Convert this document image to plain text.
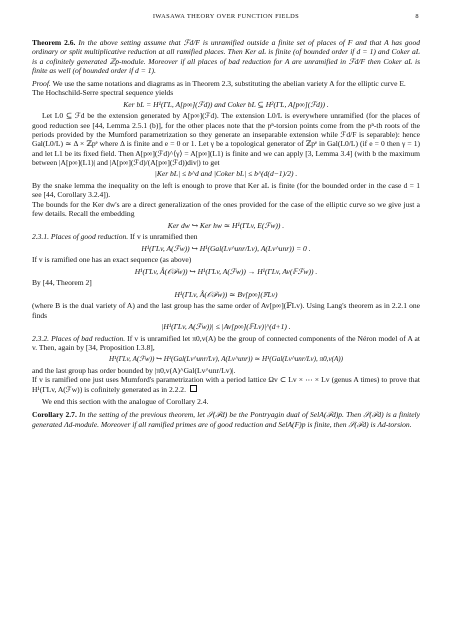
IWASAWA THEORY OVER FUNCTION FIELDS	8

Theorem 2.6. In the above setting assume that ℱd/F is unramified outside a finite set of places of F and that A has good ordinary or split multiplicative reduction at all ramified places. Then Ker aL is finite (of bounded order if d = 1) and Coker aL is a cofinitely generated ℤp-module. Moreover if all places of bad reduction for A are unramified in ℱd/F then Coker aL is finite as well (of bounded order if d = 1).

Proof. We use the same notations and diagrams as in Theorem 2.3, substituting the abelian variety A for the elliptic curve E.

The Hochschild-Serre spectral sequence yields

Ker bL = H¹(ΓL, A[p∞](ℱd)) and Coker bL ⊆ H²(ΓL, A[p∞](ℱd)) .

Let L0 ⊆ ℱd be the extension generated by A[p∞](ℱd). The extension L0/L is everywhere unramified (for the places of good reduction see [44, Lemma 2.5.1 (b)], for the other places note that the pⁿ-torsion points come from the pⁿ-th roots of the periods provided by the Mumford parametrization so they generate an inseparable extension while ℱd/F is separable): hence Gal(L0/L) ≃ Δ × ℤpᵉ where Δ is finite and e = 0 or 1. Let γ be a topological generator of ℤpᵉ in Gal(L0/L) (if e = 0 then γ = 1) and let L1 be its fixed field. Then A[p∞](ℱd)^⟨γ⟩ = A[p∞](L1) is finite and we can apply [3, Lemma 3.4] (with b the maximum between |A[p∞](L1)| and |A[p∞](ℱd)/(A[p∞](ℱd))div|) to get

|Ker bL| ≤ b^d and |Coker bL| ≤ b^(d(d−1)/2) .

By the snake lemma the inequality on the left is enough to prove that Ker aL is finite (for the bounded order in the case d = 1 see [44, Corollary 3.2.4]).

The bounds for the Ker dw's are a direct generalization of the ones provided for the case of the elliptic curve so we give just a few details. Recall the embedding

Ker dw ↪ Ker hw ≃ H¹(ΓLv, E(ℱw)) .

2.3.1. Places of good reduction. If v is unramified then

H¹(ΓLv, A(ℱw)) ↪ H¹(Gal(Lv^unr/Lv), A(Lv^unr)) = 0 .

If v is ramified one has an exact sequence (as above)

H¹(ΓLv, Â(𝒪ℱw)) ↪ H¹(ΓLv, A(ℱw)) → H¹(ΓLv, Av(𝔽ℱw)) .

By [44, Theorem 2]

H¹(ΓLv, Â(𝒪ℱw)) ≃ Bv[p∞](𝔽Lv)

(where B is the dual variety of A) and the last group has the same order of Av[p∞](𝔽Lv). Using Lang's theorem as in 2.2.1 one finds

|H¹(ΓLv, A(ℱw))| ≤ |Av[p∞](𝔽Lv)|^(d+1) .

2.3.2. Places of bad reduction. If v is unramified let π0,v(A) be the group of connected components of the Néron model of A at v. Then, again by [34, Proposition I.3.8],

H¹(ΓLv, A(ℱw)) ↪ H¹(Gal(Lv^unr/Lv), A(Lv^unr)) ≃ H¹(Gal(Lv^unr/Lv), π0,v(A))

and the last group has order bounded by |π0,v(A)^Gal(Lv^unr/Lv)|.

If v is ramified one just uses Mumford's parametrization with a period lattice Ωv ⊂ Lv × ⋯ × Lv (genus A times) to prove that H¹(ΓLv, A(ℱw)) is cofinitely generated as in 2.2.2.

We end this section with the analogue of Corollary 2.4.

Corollary 2.7. In the setting of the previous theorem, let 𝒮(ℱd) be the Pontryagin dual of SelA(ℱd)p. Then 𝒮(ℱd) is a finitely generated Λd-module. Moreover if all ramified primes are of good reduction and SelA(F)p is finite, then 𝒮(ℱd) is Λd-torsion.
